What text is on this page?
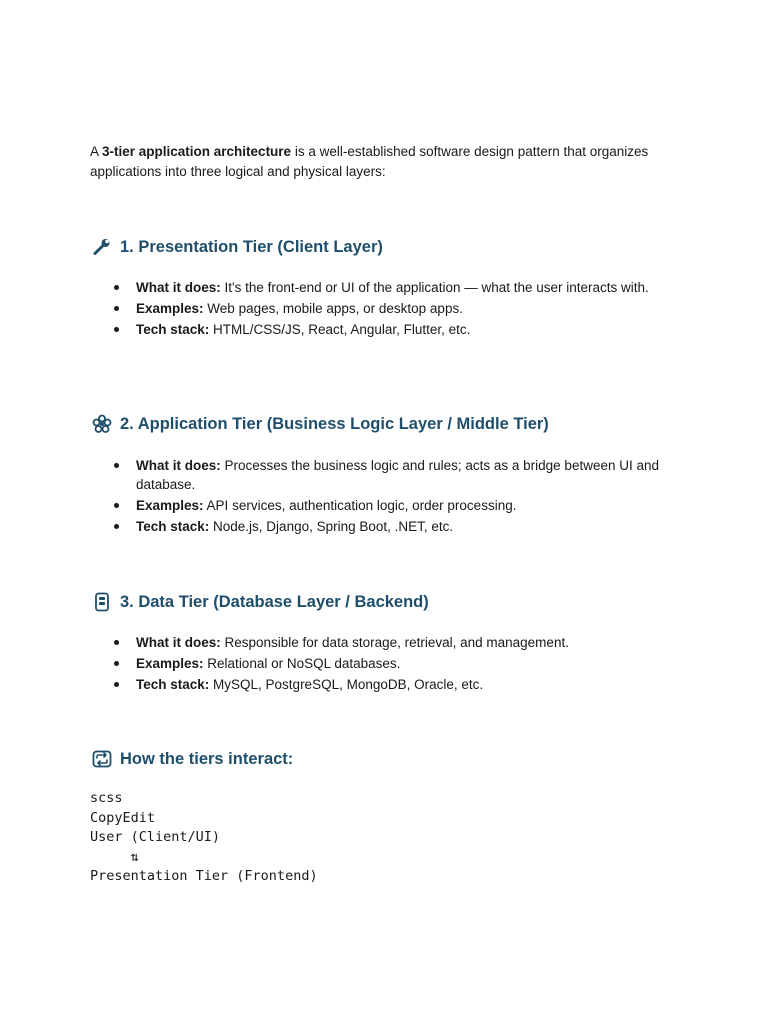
A 3-tier application architecture is a well-established software design pattern that organizes applications into three logical and physical layers:

1. Presentation Tier (Client Layer)
What it does: It's the front-end or UI of the application — what the user interacts with.
Examples: Web pages, mobile apps, or desktop apps.
Tech stack: HTML/CSS/JS, React, Angular, Flutter, etc.
2. Application Tier (Business Logic Layer / Middle Tier)
What it does: Processes the business logic and rules; acts as a bridge between UI and database.
Examples: API services, authentication logic, order processing.
Tech stack: Node.js, Django, Spring Boot, .NET, etc.
3. Data Tier (Database Layer / Backend)
What it does: Responsible for data storage, retrieval, and management.
Examples: Relational or NoSQL databases.
Tech stack: MySQL, PostgreSQL, MongoDB, Oracle, etc.
How the tiers interact:
scss
CopyEdit
User (Client/UI)
⇅
Presentation Tier (Frontend)
